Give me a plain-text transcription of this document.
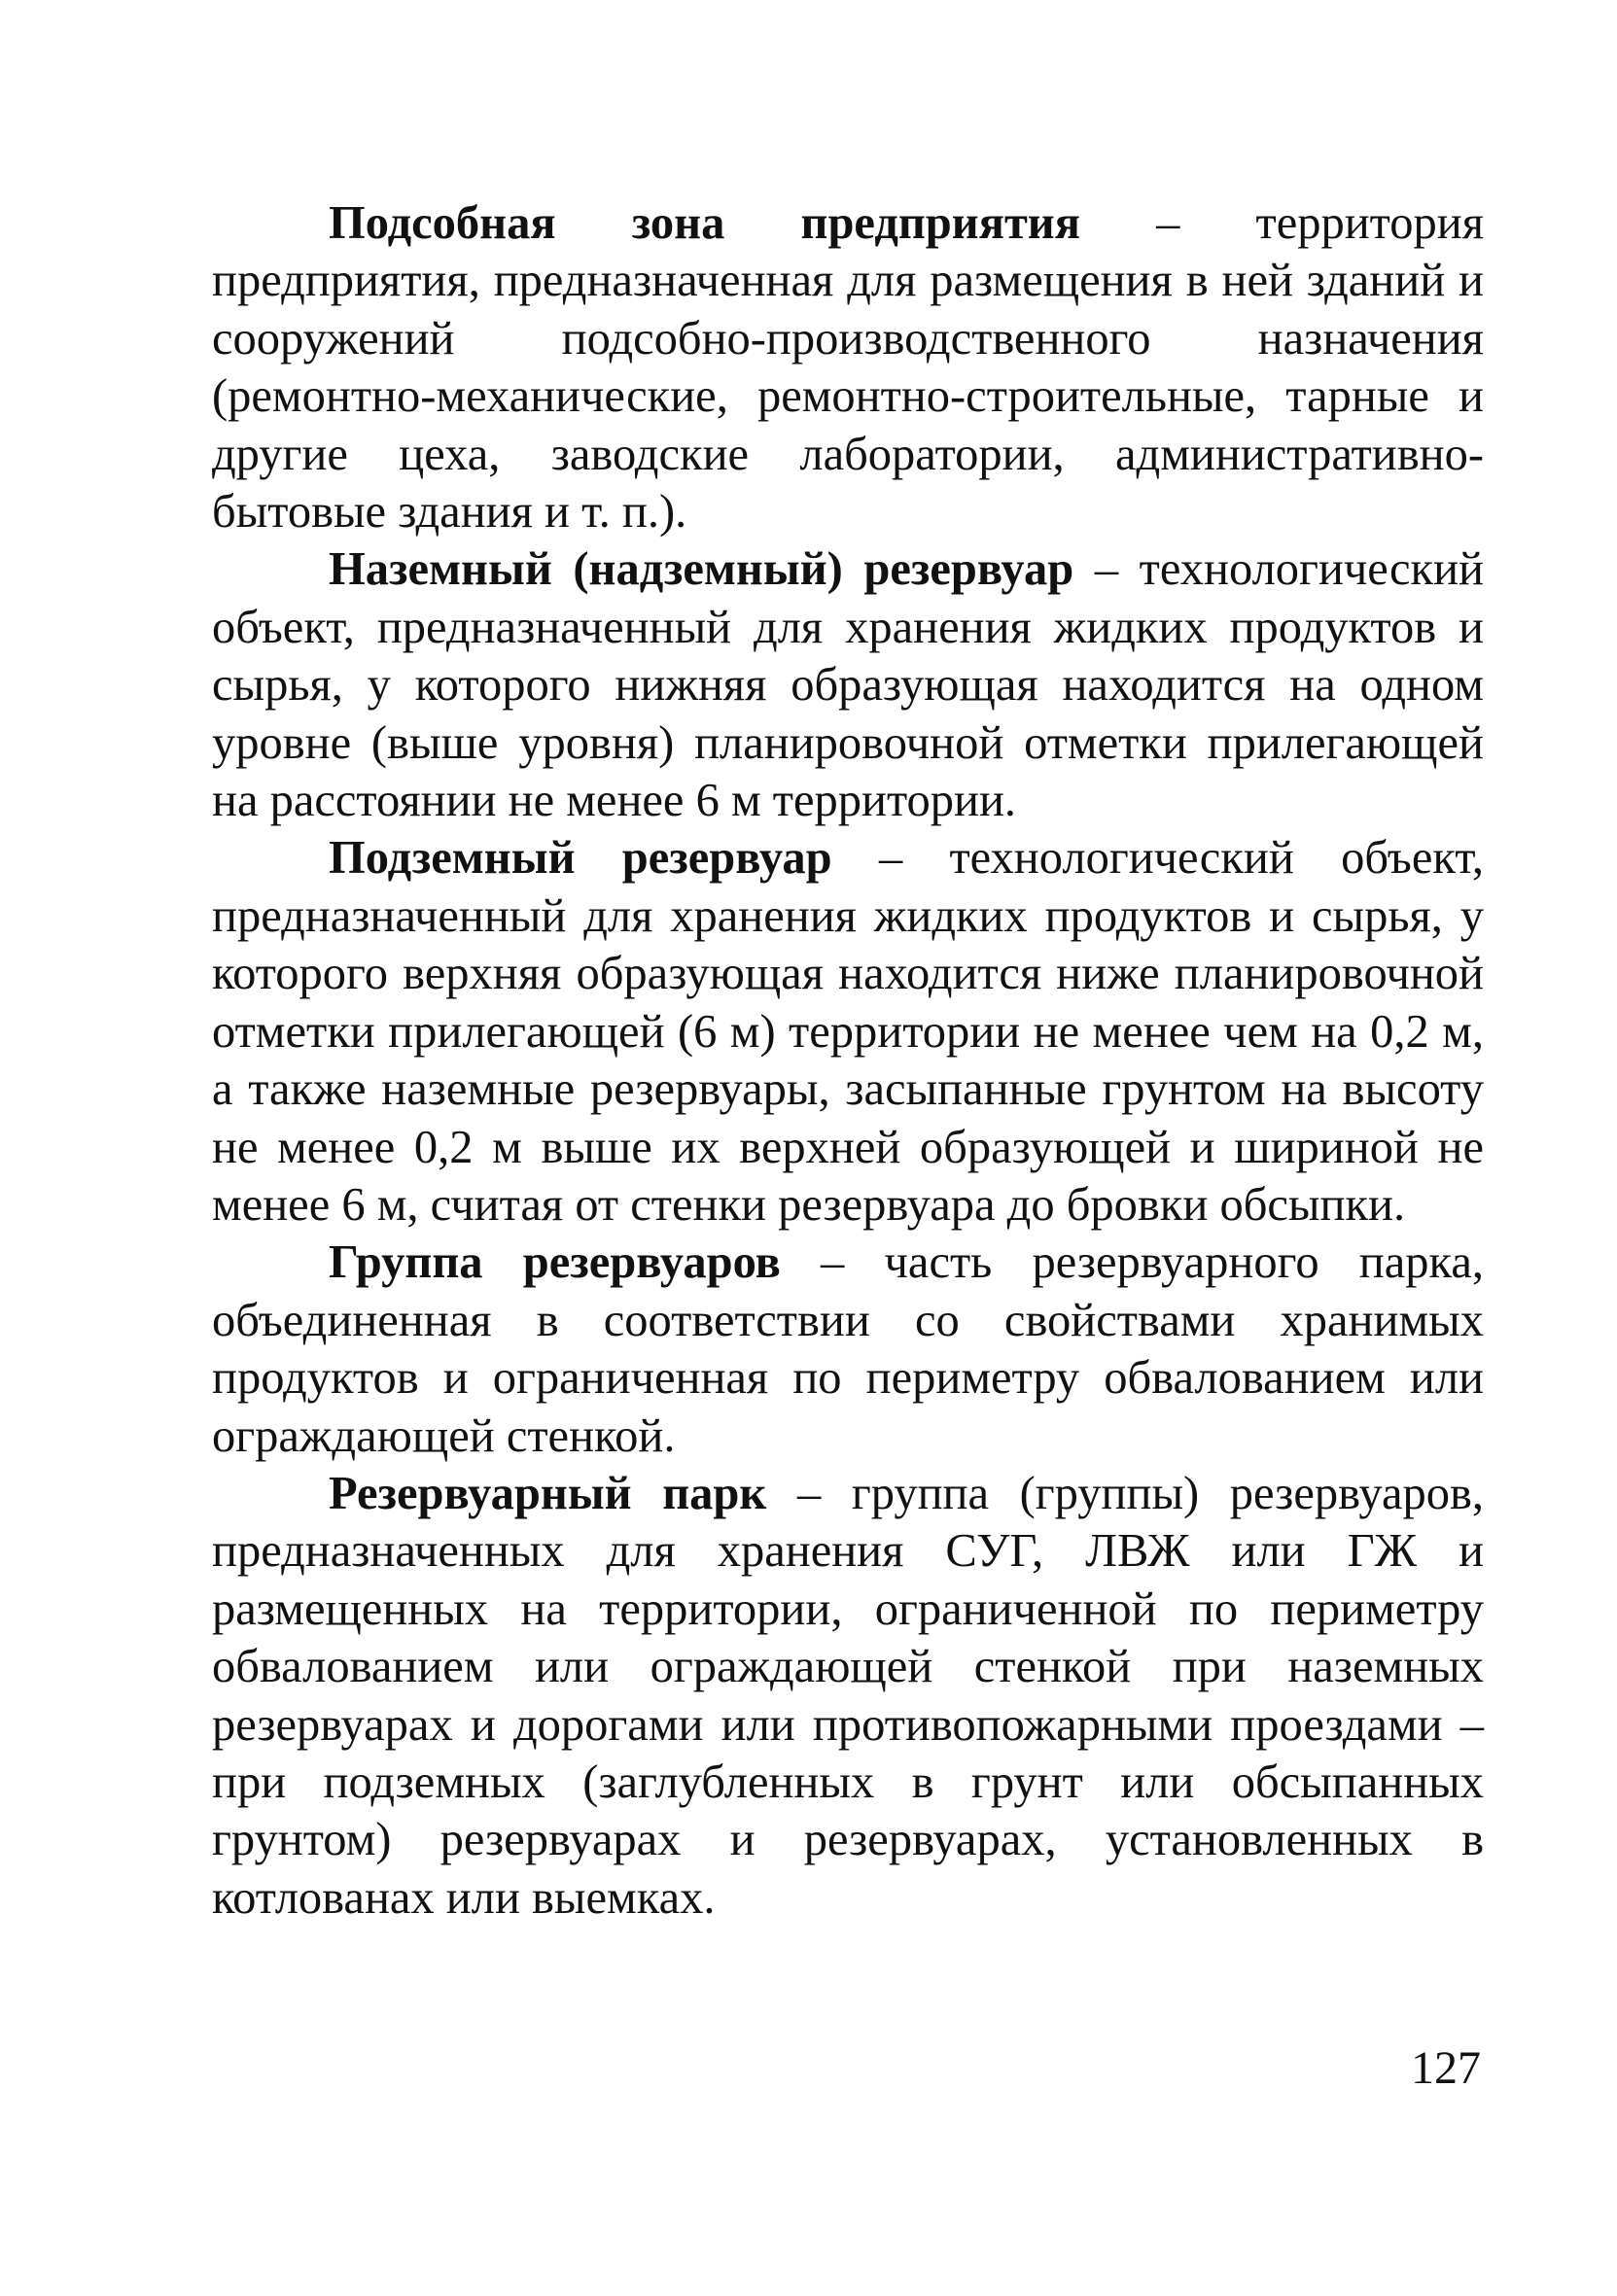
Подсобная зона предприятия – территория предприятия, предназначенная для размещения в ней зданий и сооружений подсобно-производственного назначения (ремонтно-механические, ремонтно-строительные, тарные и другие цеха, заводские лаборатории, административно-бытовые здания и т. п.).

Наземный (надземный) резервуар – технологический объект, предназначенный для хранения жидких продуктов и сырья, у которого нижняя образующая находится на одном уровне (выше уровня) планировочной отметки прилегающей на расстоянии не менее 6 м территории.

Подземный резервуар – технологический объект, предназначенный для хранения жидких продуктов и сырья, у которого верхняя образующая находится ниже планировочной отметки прилегающей (6 м) территории не менее чем на 0,2 м, а также наземные резервуары, засыпанные грунтом на высоту не менее 0,2 м выше их верхней образующей и шириной не менее 6 м, считая от стенки резервуара до бровки обсыпки.

Группа резервуаров – часть резервуарного парка, объединенная в соответствии со свойствами хранимых продуктов и ограниченная по периметру обвалованием или ограждающей стенкой.

Резервуарный парк – группа (группы) резервуаров, предназначенных для хранения СУГ, ЛВЖ или ГЖ и размещенных на территории, ограниченной по периметру обвалованием или ограждающей стенкой при наземных резервуарах и дорогами или противопожарными проездами – при подземных (заглубленных в грунт или обсыпанных грунтом) резервуарах и резервуарах, установленных в котлованах или выемках.

127
